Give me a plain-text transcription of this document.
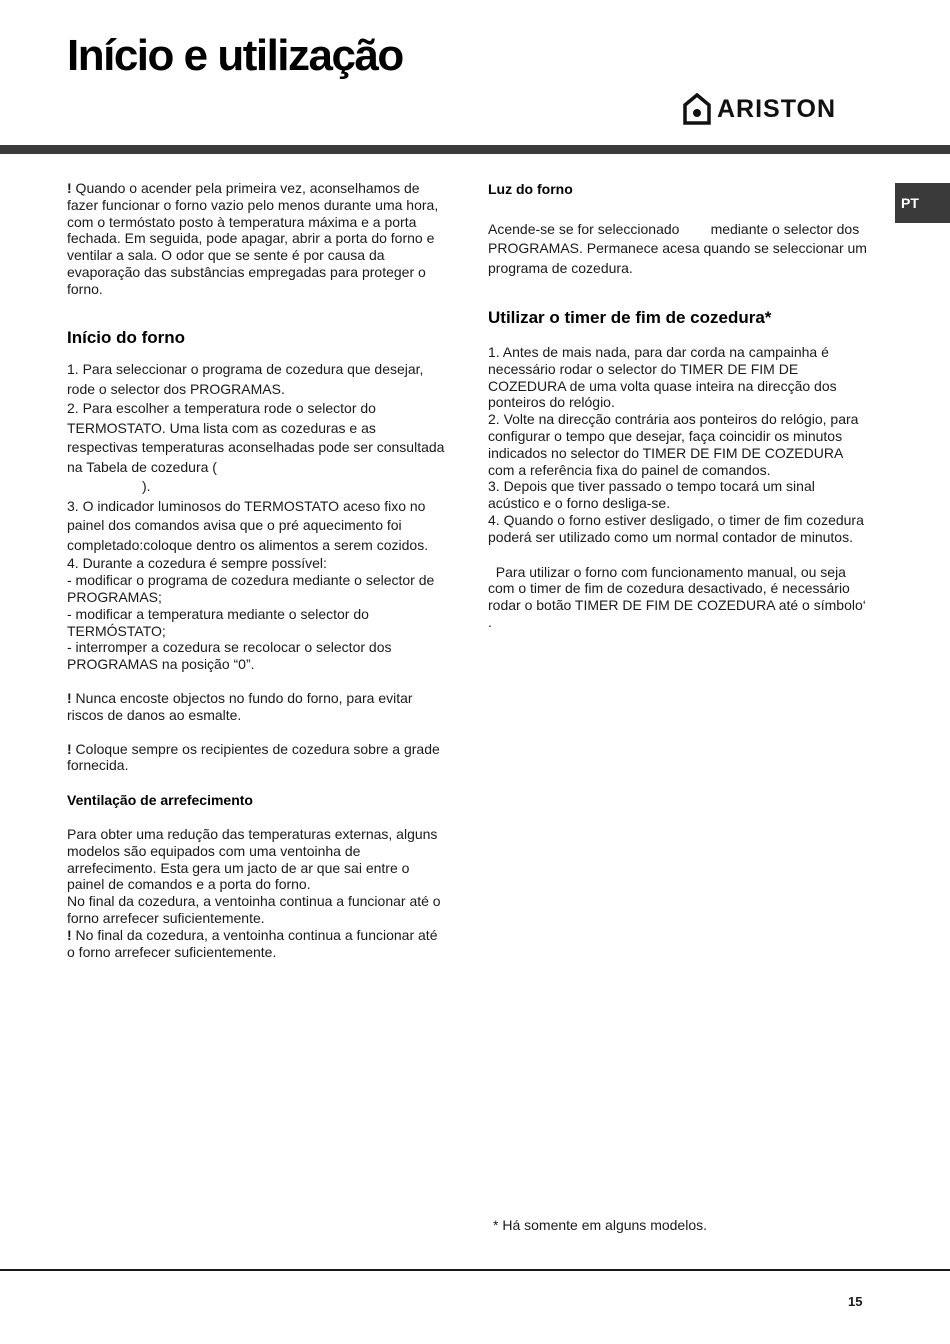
Início e utilização
ARISTON
PT

! Quando o acender pela primeira vez, aconselhamos de fazer funcionar o forno vazio pelo menos durante uma hora, com o termóstato posto à temperatura máxima e a porta fechada. Em seguida, pode apagar, abrir a porta do forno e ventilar a sala. O odor que se sente é por causa da evaporação das substâncias empregadas para proteger o forno.

Início do forno

1. Para seleccionar o programa de cozedura que desejar, rode o selector dos PROGRAMAS.

2. Para escolher a temperatura rode o selector do TERMOSTATO. Uma lista com as cozeduras e as respectivas temperaturas aconselhadas pode ser consultada na Tabela de cozedura (
).

3. O indicador luminosos do TERMOSTATO aceso fixo no painel dos comandos avisa que o pré aquecimento foi completado:coloque dentro os alimentos a serem cozidos.

4. Durante a cozedura é sempre possível:

- modificar o programa de cozedura mediante o selector de PROGRAMAS;

- modificar a temperatura mediante o selector do TERMÓSTATO;

- interromper a cozedura se recolocar o selector dos PROGRAMAS na posição “0”.

! Nunca encoste objectos no fundo do forno, para evitar riscos de danos ao esmalte.

! Coloque sempre os recipientes de cozedura sobre a grade fornecida.

Ventilação de arrefecimento

Para obter uma redução das temperaturas externas, alguns modelos são equipados com uma ventoinha de arrefecimento. Esta gera um jacto de ar que sai entre o painel de comandos e a porta do forno.

No final da cozedura, a ventoinha continua a funcionar até o forno arrefecer suficientemente.

! No final da cozedura, a ventoinha continua a funcionar até o forno arrefecer suficientemente.

Luz do forno

Acende-se se for seleccionado        mediante o selector dos PROGRAMAS. Permanece acesa quando se seleccionar um programa de cozedura.

Utilizar o timer de fim de cozedura*

1. Antes de mais nada, para dar corda na campainha é necessário rodar o selector do TIMER DE FIM DE COZEDURA de uma volta quase inteira na direcção dos ponteiros do relógio.

2. Volte na direcção contrária aos ponteiros do relógio, para configurar o tempo que desejar, faça coincidir os minutos indicados no selector do TIMER DE FIM DE COZEDURA com a referência fixa do painel de comandos.

3. Depois que tiver passado o tempo tocará um sinal acústico e o forno desliga-se.

4. Quando o forno estiver desligado, o timer de fim cozedura poderá ser utilizado como um normal contador de minutos.

Para utilizar o forno com funcionamento manual, ou seja com o timer de fim de cozedura desactivado, é necessário rodar o botão TIMER DE FIM DE COZEDURA até o símbolo‘    .

* Há somente em alguns modelos.
15
